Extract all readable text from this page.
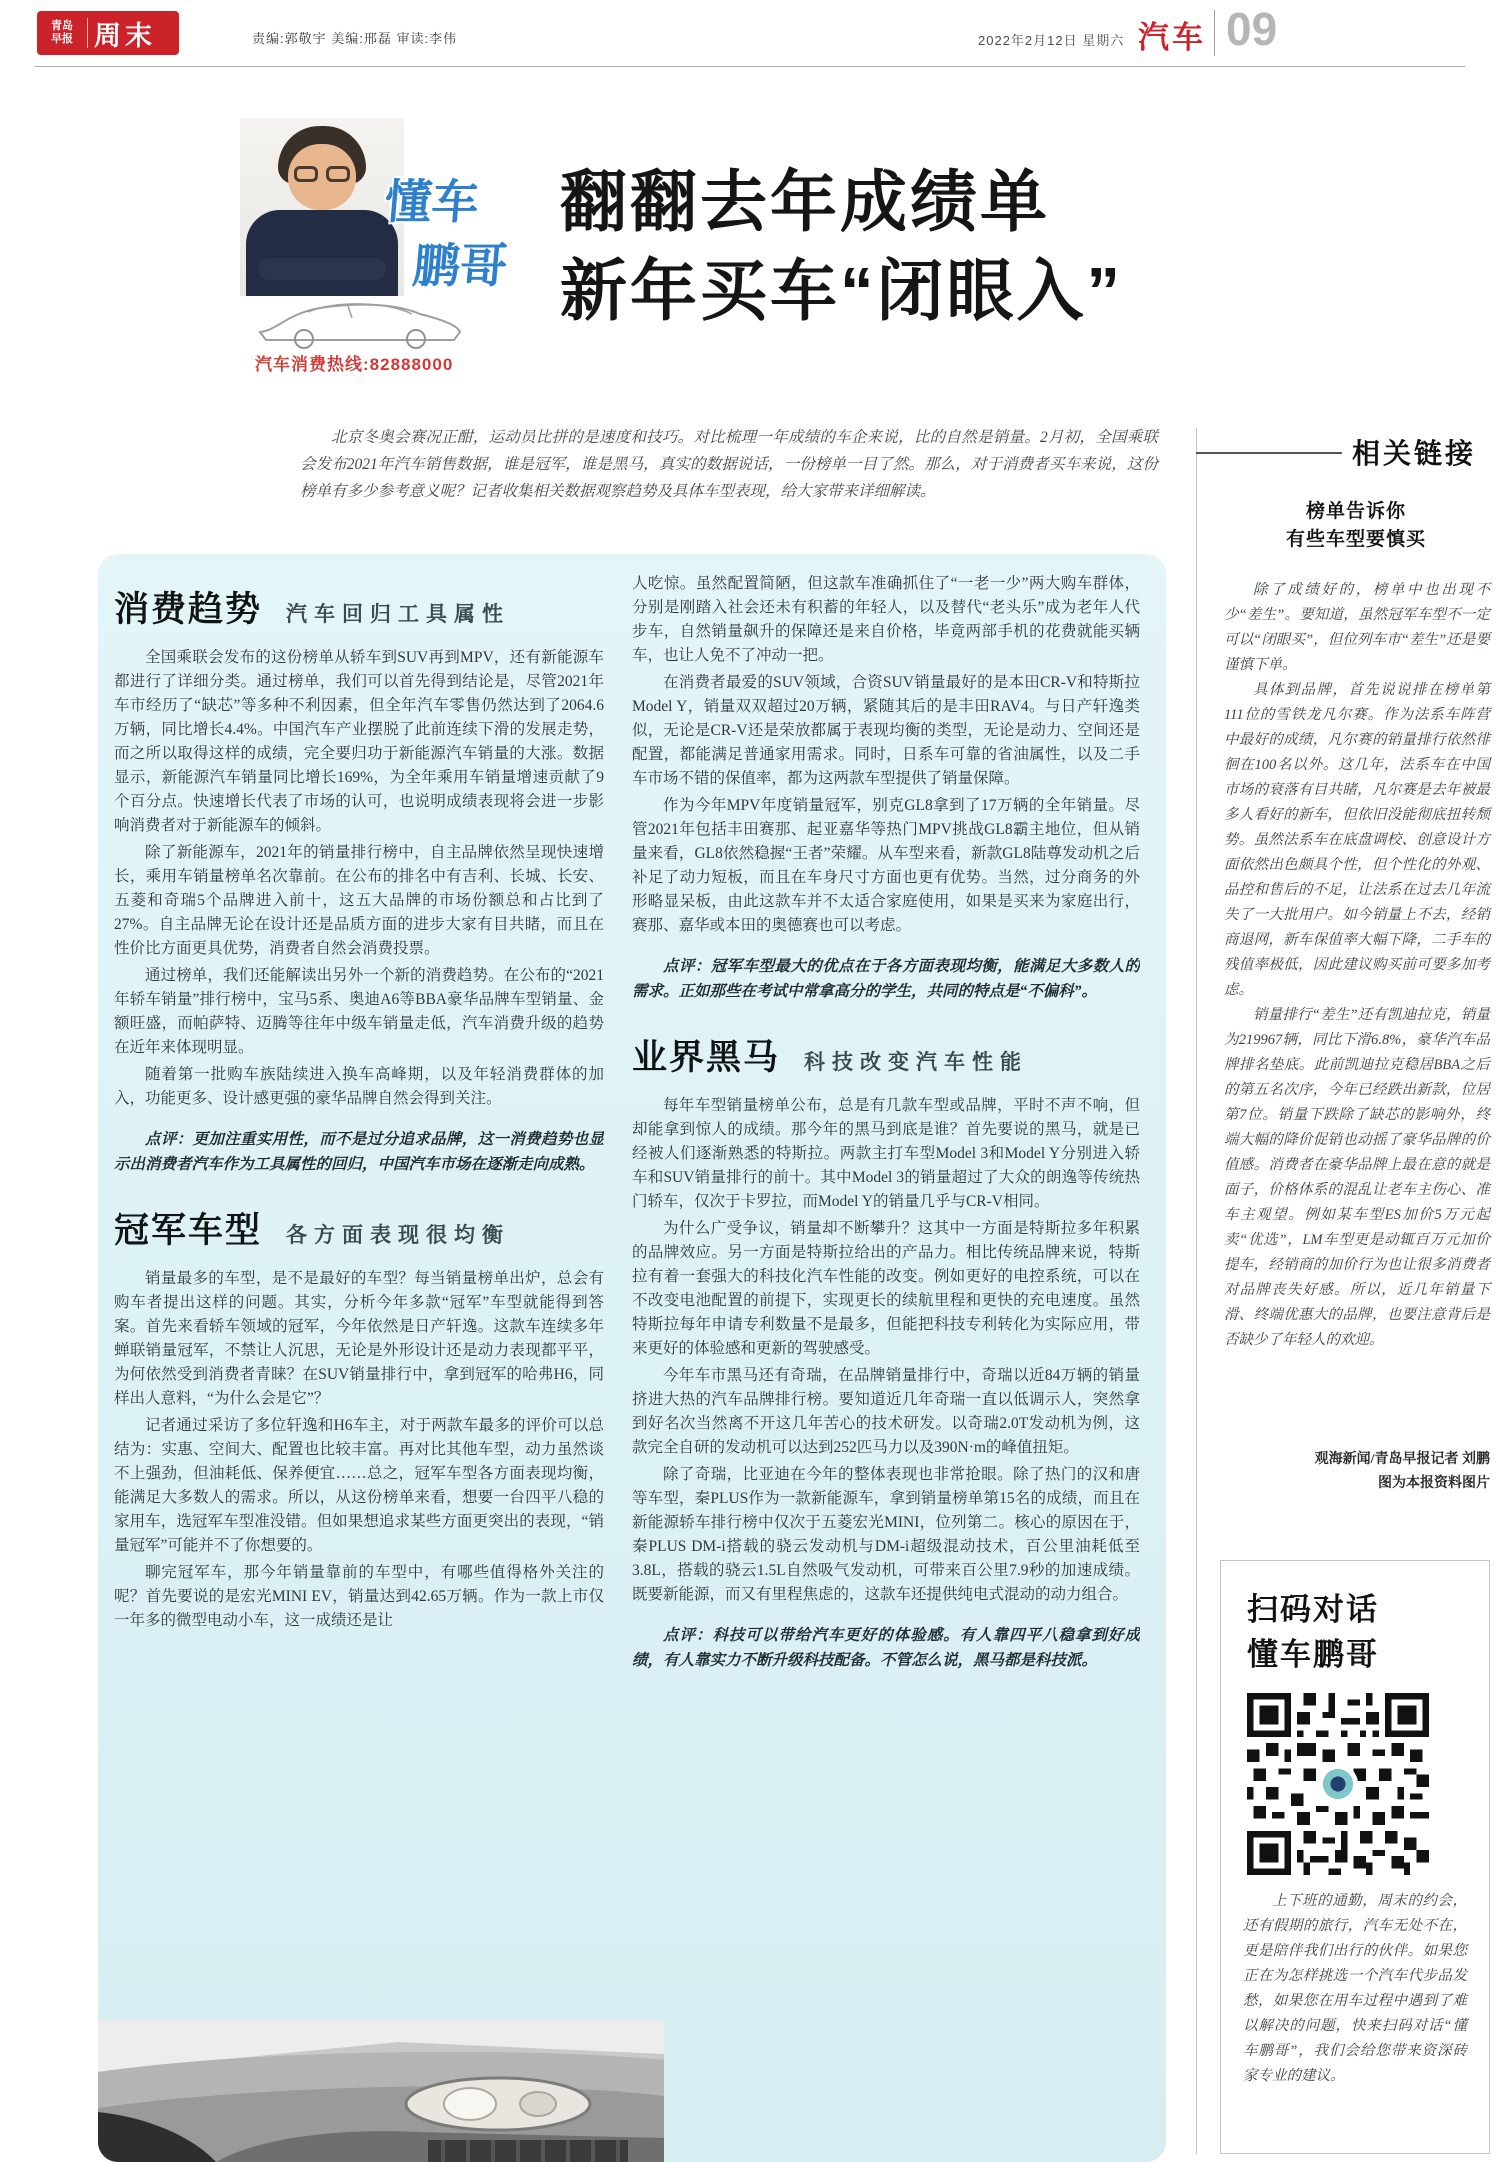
青岛
早报 周末	责编:郭敬宇 美编:邢磊 审读:李伟	2022年2月12日 星期六 汽车 09
懂车
鹏哥
汽车消费热线:82888000
翻翻去年成绩单
新年买车“闭眼入”
北京冬奥会赛况正酣，运动员比拼的是速度和技巧。对比梳理一年成绩的车企来说，比的自然是销量。2月初，全国乘联会发布2021年汽车销售数据，谁是冠军，谁是黑马，真实的数据说话，一份榜单一目了然。那么，对于消费者买车来说，这份榜单有多少参考意义呢？记者收集相关数据观察趋势及具体车型表现，给大家带来详细解读。
消费趋势 汽车回归工具属性

全国乘联会发布的这份榜单从轿车到SUV再到MPV，还有新能源车都进行了详细分类。通过榜单，我们可以首先得到结论是，尽管2021年车市经历了“缺芯”等多种不利因素，但全年汽车零售仍然达到了2064.6万辆，同比增长4.4%。中国汽车产业摆脱了此前连续下滑的发展走势，而之所以取得这样的成绩，完全要归功于新能源汽车销量的大涨。数据显示，新能源汽车销量同比增长169%，为全年乘用车销量增速贡献了9个百分点。快速增长代表了市场的认可，也说明成绩表现将会进一步影响消费者对于新能源车的倾斜。

除了新能源车，2021年的销量排行榜中，自主品牌依然呈现快速增长，乘用车销量榜单名次靠前。在公布的排名中有吉利、长城、长安、五菱和奇瑞5个品牌进入前十，这五大品牌的市场份额总和占比到了27%。自主品牌无论在设计还是品质方面的进步大家有目共睹，而且在性价比方面更具优势，消费者自然会消费投票。

通过榜单，我们还能解读出另外一个新的消费趋势。在公布的“2021年轿车销量”排行榜中，宝马5系、奥迪A6等BBA豪华品牌车型销量、金额旺盛，而帕萨特、迈腾等往年中级车销量走低，汽车消费升级的趋势在近年来体现明显。

随着第一批购车族陆续进入换车高峰期，以及年轻消费群体的加入，功能更多、设计感更强的豪华品牌自然会得到关注。

点评：更加注重实用性，而不是过分追求品牌，这一消费趋势也显示出消费者汽车作为工具属性的回归，中国汽车市场在逐渐走向成熟。

冠军车型 各方面表现很均衡

销量最多的车型，是不是最好的车型？每当销量榜单出炉，总会有购车者提出这样的问题。其实，分析今年多款“冠军”车型就能得到答案。首先来看轿车领域的冠军，今年依然是日产轩逸。这款车连续多年蝉联销量冠军，不禁让人沉思，无论是外形设计还是动力表现都平平，为何依然受到消费者青睐？在SUV销量排行中，拿到冠军的哈弗H6，同样出人意料，“为什么会是它”？

记者通过采访了多位轩逸和H6车主，对于两款车最多的评价可以总结为：实惠、空间大、配置也比较丰富。再对比其他车型，动力虽然谈不上强劲，但油耗低、保养便宜……总之，冠军车型各方面表现均衡，能满足大多数人的需求。所以，从这份榜单来看，想要一台四平八稳的家用车，选冠军车型准没错。但如果想追求某些方面更突出的表现，“销量冠军”可能并不了你想要的。

聊完冠军车，那今年销量靠前的车型中，有哪些值得格外关注的呢？首先要说的是宏光MINI EV，销量达到42.65万辆。作为一款上市仅一年多的微型电动小车，这一成绩还是让

人吃惊。虽然配置简陋，但这款车准确抓住了“一老一少”两大购车群体，分别是刚踏入社会还未有积蓄的年轻人，以及替代“老头乐”成为老年人代步车，自然销量飙升的保障还是来自价格，毕竟两部手机的花费就能买辆车，也让人免不了冲动一把。

在消费者最爱的SUV领域，合资SUV销量最好的是本田CR-V和特斯拉Model Y，销量双双超过20万辆，紧随其后的是丰田RAV4。与日产轩逸类似，无论是CR-V还是荣放都属于表现均衡的类型，无论是动力、空间还是配置，都能满足普通家用需求。同时，日系车可靠的省油属性，以及二手车市场不错的保值率，都为这两款车型提供了销量保障。

作为今年MPV年度销量冠军，别克GL8拿到了17万辆的全年销量。尽管2021年包括丰田赛那、起亚嘉华等热门MPV挑战GL8霸主地位，但从销量来看，GL8依然稳握“王者”荣耀。从车型来看，新款GL8陆尊发动机之后补足了动力短板，而且在车身尺寸方面也更有优势。当然，过分商务的外形略显呆板，由此这款车并不太适合家庭使用，如果是买来为家庭出行，赛那、嘉华或本田的奥德赛也可以考虑。

点评：冠军车型最大的优点在于各方面表现均衡，能满足大多数人的需求。正如那些在考试中常拿高分的学生，共同的特点是“不偏科”。

业界黑马 科技改变汽车性能

每年车型销量榜单公布，总是有几款车型或品牌，平时不声不响，但却能拿到惊人的成绩。那今年的黑马到底是谁？首先要说的黑马，就是已经被人们逐渐熟悉的特斯拉。两款主打车型Model 3和Model Y分别进入轿车和SUV销量排行的前十。其中Model 3的销量超过了大众的朗逸等传统热门轿车，仅次于卡罗拉，而Model Y的销量几乎与CR-V相同。

为什么广受争议，销量却不断攀升？这其中一方面是特斯拉多年积累的品牌效应。另一方面是特斯拉给出的产品力。相比传统品牌来说，特斯拉有着一套强大的科技化汽车性能的改变。例如更好的电控系统，可以在不改变电池配置的前提下，实现更长的续航里程和更快的充电速度。虽然特斯拉每年申请专利数量不是最多，但能把科技专利转化为实际应用，带来更好的体验感和更新的驾驶感受。

今年车市黑马还有奇瑞，在品牌销量排行中，奇瑞以近84万辆的销量挤进大热的汽车品牌排行榜。要知道近几年奇瑞一直以低调示人，突然拿到好名次当然离不开这几年苦心的技术研发。以奇瑞2.0T发动机为例，这款完全自研的发动机可以达到252匹马力以及390N·m的峰值扭矩。

除了奇瑞，比亚迪在今年的整体表现也非常抢眼。除了热门的汉和唐等车型，秦PLUS作为一款新能源车，拿到销量榜单第15名的成绩，而且在新能源轿车排行榜中仅次于五菱宏光MINI，位列第二。核心的原因在于，秦PLUS DM-i搭载的骁云发动机与DM-i超级混动技术，百公里油耗低至3.8L，搭载的骁云1.5L自然吸气发动机，可带来百公里7.9秒的加速成绩。既要新能源，而又有里程焦虑的，这款车还提供纯电式混动的动力组合。

点评：科技可以带给汽车更好的体验感。有人靠四平八稳拿到好成绩，有人靠实力不断升级科技配备。不管怎么说，黑马都是科技派。

相关链接
榜单告诉你
有些车型要慎买

除了成绩好的，榜单中也出现不少“差生”。要知道，虽然冠军车型不一定可以“闭眼买”，但位列车市“差生”还是要谨慎下单。

具体到品牌，首先说说排在榜单第111位的雪铁龙凡尔赛。作为法系车阵营中最好的成绩，凡尔赛的销量排行依然徘徊在100名以外。这几年，法系车在中国市场的衰落有目共睹，凡尔赛是去年被最多人看好的新车，但依旧没能彻底扭转颓势。虽然法系车在底盘调校、创意设计方面依然出色颇具个性，但个性化的外观、品控和售后的不足，让法系在过去几年流失了一大批用户。如今销量上不去，经销商退网，新车保值率大幅下降，二手车的残值率极低，因此建议购买前可要多加考虑。

销量排行“差生”还有凯迪拉克，销量为219967辆，同比下滑6.8%，豪华汽车品牌排名垫底。此前凯迪拉克稳居BBA之后的第五名次序，今年已经跌出新款，位居第7位。销量下跌除了缺芯的影响外，终端大幅的降价促销也动摇了豪华品牌的价值感。消费者在豪华品牌上最在意的就是面子，价格体系的混乱让老车主伤心、准车主观望。例如某车型ES加价5万元起卖“优选”，LM车型更是动辄百万元加价提车，经销商的加价行为也让很多消费者对品牌丧失好感。所以，近几年销量下滑、终端优惠大的品牌，也要注意背后是否缺少了年轻人的欢迎。

观海新闻/青岛早报记者 刘鹏
图为本报资料图片
扫码对话
懂车鹏哥

上下班的通勤，周末的约会，还有假期的旅行，汽车无处不在，更是陪伴我们出行的伙伴。如果您正在为怎样挑选一个汽车代步品发愁，如果您在用车过程中遇到了难以解决的问题，快来扫码对话“懂车鹏哥”，我们会给您带来资深砖家专业的建议。
